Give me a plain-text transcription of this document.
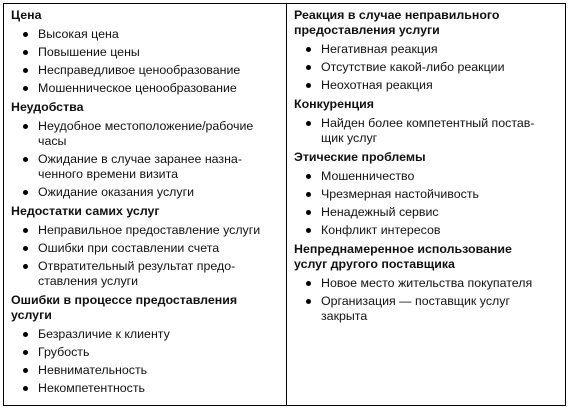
Цена
Высокая цена
Повышение цены
Несправедливое ценообразование
Мошенническое ценообразование
Неудобства
Неудобное местоположение/рабочие
часы
Ожидание в случае заранее назна-
ченного времени визита
Ожидание оказания услуги
Недостатки самих услуг
Неправильное предоставление услуги
Ошибки при составлении счета
Отвратительный результат предо-
ставления услуги
Ошибки в процессе предоставления
услуги
Безразличие к клиенту
Грубость
Невнимательность
Некомпетентность
Реакция в случае неправильного
предоставления услуги
Негативная реакция
Отсутствие какой-либо реакции
Неохотная реакция
Конкуренция
Найден более компетентный постав-
щик услуг
Этические проблемы
Мошенничество
Чрезмерная настойчивость
Ненадежный сервис
Конфликт интересов
Непреднамеренное использование
услуг другого поставщика
Новое место жительства покупателя
Организация — поставщик услуг
закрыта
